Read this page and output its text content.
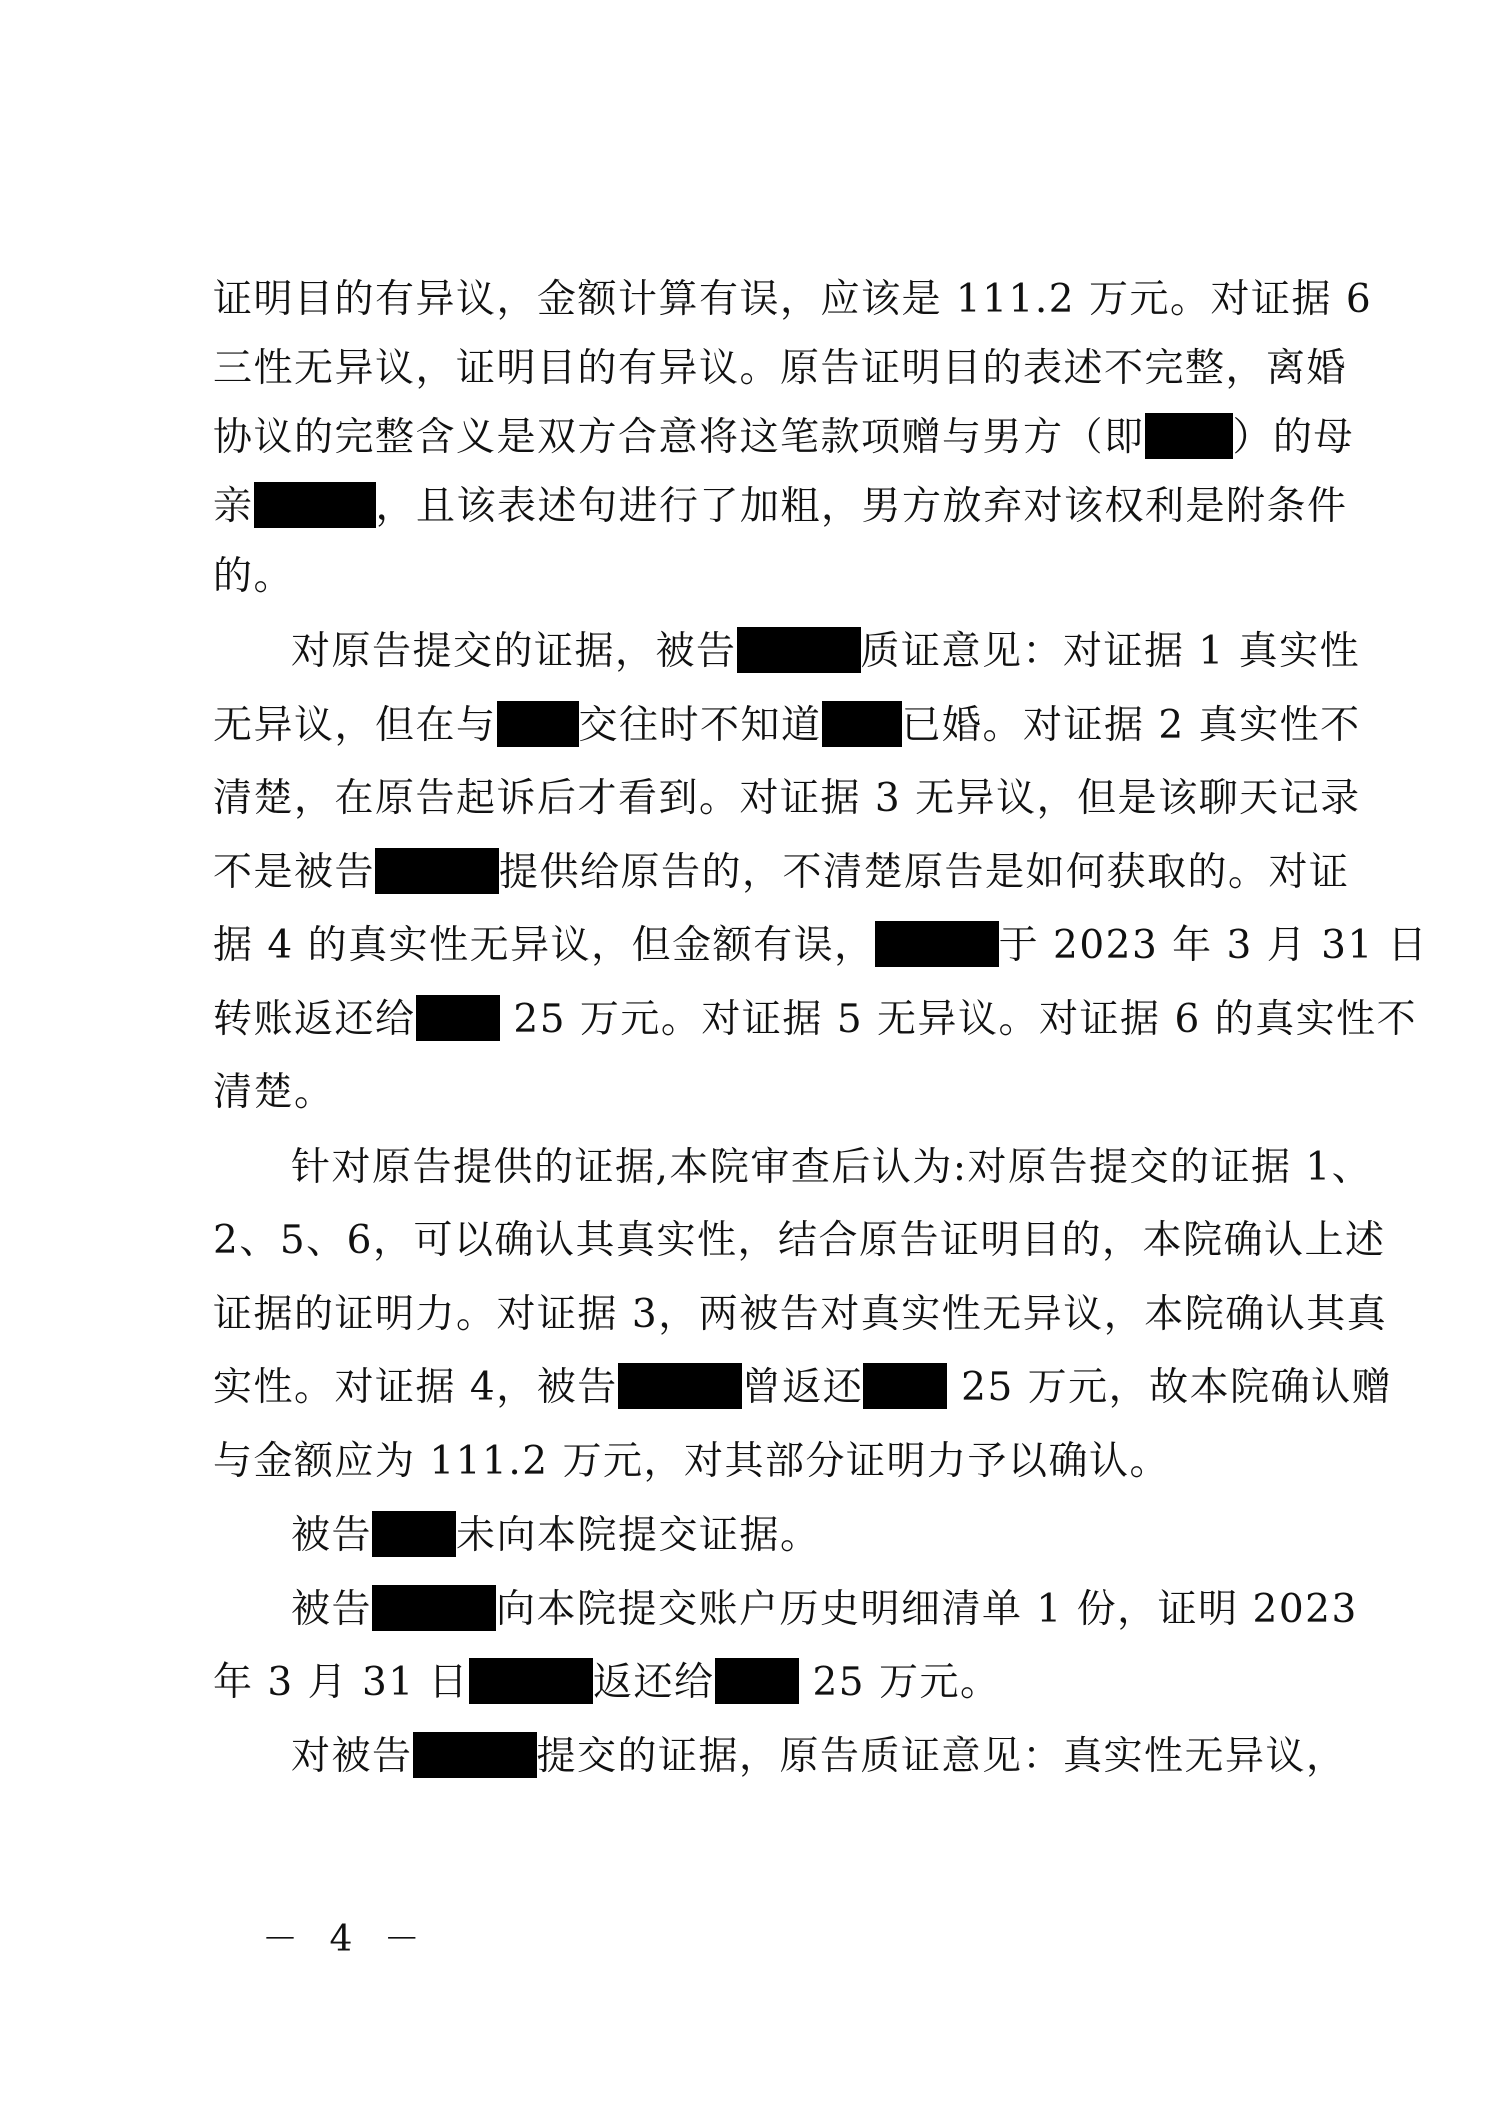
证明目的有异议，金额计算有误，应该是 111.2 万元。对证据 6
三性无异议，证明目的有异议。原告证明目的表述不完整，离婚
协议的完整含义是双方合意将这笔款项赠与男方（即 ）的母
亲	，且该表述句进行了加粗，男方放弃对该权利是附条件
的。
对原告提交的证据，被告	质证意见：对证据 1 真实性
无异议，但在与 交往时不知道 已婚。对证据 2 真实性不
清楚，在原告起诉后才看到。对证据 3 无异议，但是该聊天记录
不是被告	提供给原告的，不清楚原告是如何获取的。对证
据 4 的真实性无异议，但金额有误，	于 2023 年 3 月 31 日
转账返还给 25 万元。对证据 5 无异议。对证据 6 的真实性不
清楚。
针对原告提供的证据,本院审查后认为:对原告提交的证据 1、
2、5、6，可以确认其真实性，结合原告证明目的，本院确认上述
证据的证明力。对证据 3，两被告对真实性无异议，本院确认其真
实性。对证据 4，被告	曾返还 25 万元，故本院确认赠
与金额应为 111.2 万元，对其部分证明力予以确认。
被告 未向本院提交证据。
被告	向本院提交账户历史明细清单 1 份，证明 2023
年 3 月 31 日	返还给 25 万元。
对被告	提交的证据，原告质证意见：真实性无异议，
－ 4 －
